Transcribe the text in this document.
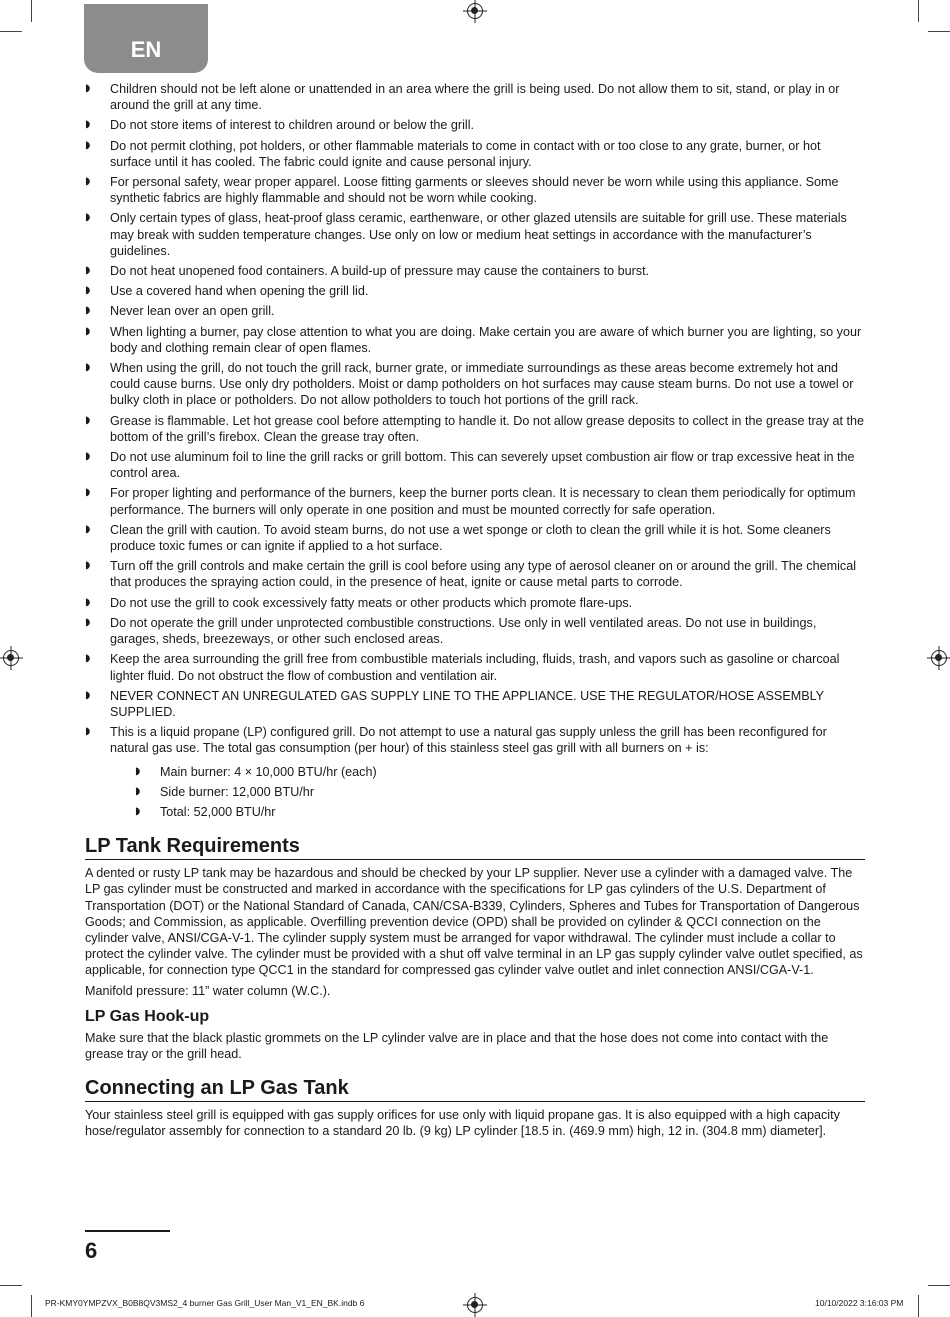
EN
◗ Children should not be left alone or unattended in an area where the grill is being used. Do not allow them to sit, stand, or play in or around the grill at any time.
◗ Do not store items of interest to children around or below the grill.
◗ Do not permit clothing, pot holders, or other flammable materials to come in contact with or too close to any grate, burner, or hot surface until it has cooled. The fabric could ignite and cause personal injury.
◗ For personal safety, wear proper apparel. Loose fitting garments or sleeves should never be worn while using this appliance. Some synthetic fabrics are highly flammable and should not be worn while cooking.
◗ Only certain types of glass, heat-proof glass ceramic, earthenware, or other glazed utensils are suitable for grill use. These materials may break with sudden temperature changes. Use only on low or medium heat settings in accordance with the manufacturer’s guidelines.
◗ Do not heat unopened food containers. A build-up of pressure may cause the containers to burst.
◗ Use a covered hand when opening the grill lid.
◗ Never lean over an open grill.
◗ When lighting a burner, pay close attention to what you are doing. Make certain you are aware of which burner you are lighting, so your body and clothing remain clear of open flames.
◗ When using the grill, do not touch the grill rack, burner grate, or immediate surroundings as these areas become extremely hot and could cause burns. Use only dry potholders. Moist or damp potholders on hot surfaces may cause steam burns. Do not use a towel or bulky cloth in place or potholders. Do not allow potholders to touch hot portions of the grill rack.
◗ Grease is flammable. Let hot grease cool before attempting to handle it. Do not allow grease deposits to collect in the grease tray at the bottom of the grill’s firebox. Clean the grease tray often.
◗ Do not use aluminum foil to line the grill racks or grill bottom. This can severely upset combustion air flow or trap excessive heat in the control area.
◗ For proper lighting and performance of the burners, keep the burner ports clean. It is necessary to clean them periodically for optimum performance. The burners will only operate in one position and must be mounted correctly for safe operation.
◗ Clean the grill with caution. To avoid steam burns, do not use a wet sponge or cloth to clean the grill while it is hot. Some cleaners produce toxic fumes or can ignite if applied to a hot surface.
◗ Turn off the grill controls and make certain the grill is cool before using any type of aerosol cleaner on or around the grill. The chemical that produces the spraying action could, in the presence of heat, ignite or cause metal parts to corrode.
◗ Do not use the grill to cook excessively fatty meats or other products which promote flare-ups.
◗ Do not operate the grill under unprotected combustible constructions. Use only in well ventilated areas. Do not use in buildings, garages, sheds, breezeways, or other such enclosed areas.
◗ Keep the area surrounding the grill free from combustible materials including, fluids, trash, and vapors such as gasoline or charcoal lighter fluid. Do not obstruct the flow of combustion and ventilation air.
◗ NEVER CONNECT AN UNREGULATED GAS SUPPLY LINE TO THE APPLIANCE. USE THE REGULATOR/HOSE ASSEMBLY SUPPLIED.
◗ This is a liquid propane (LP) configured grill. Do not attempt to use a natural gas supply unless the grill has been reconfigured for natural gas use. The total gas consumption (per hour) of this stainless steel gas grill with all burners on + is:
◗ Main burner: 4 × 10,000 BTU/hr (each)
◗ Side burner: 12,000 BTU/hr
◗ Total: 52,000 BTU/hr
LP Tank Requirements

A dented or rusty LP tank may be hazardous and should be checked by your LP supplier. Never use a cylinder with a damaged valve. The LP gas cylinder must be constructed and marked in accordance with the specifications for LP gas cylinders of the U.S. Department of Transportation (DOT) or the National Standard of Canada, CAN/CSA-B339, Cylinders, Spheres and Tubes for Transportation of Dangerous Goods; and Commission, as applicable. Overfilling prevention device (OPD) shall be provided on cylinder & QCCI connection on the cylinder valve, ANSI/CGA-V-1. The cylinder supply system must be arranged for vapor withdrawal. The cylinder must include a collar to protect the cylinder valve. The cylinder must be provided with a shut off valve terminal in an LP gas supply cylinder valve outlet specified, as applicable, for connection type QCC1 in the standard for compressed gas cylinder valve outlet and inlet connection ANSI/CGA-V-1.

Manifold pressure: 11” water column (W.C.).

LP Gas Hook-up

Make sure that the black plastic grommets on the LP cylinder valve are in place and that the hose does not come into contact with the grease tray or the grill head.

Connecting an LP Gas Tank

Your stainless steel grill is equipped with gas supply orifices for use only with liquid propane gas. It is also equipped with a high capacity hose/regulator assembly for connection to a standard 20 lb. (9 kg) LP cylinder [18.5 in. (469.9 mm) high, 12 in. (304.8 mm) diameter].

6
PR-KMY0YMPZVX_B0B8QV3MS2_4 burner Gas Grill_User Man_V1_EN_BK.indb 6	10/10/2022 3:16:03 PM
